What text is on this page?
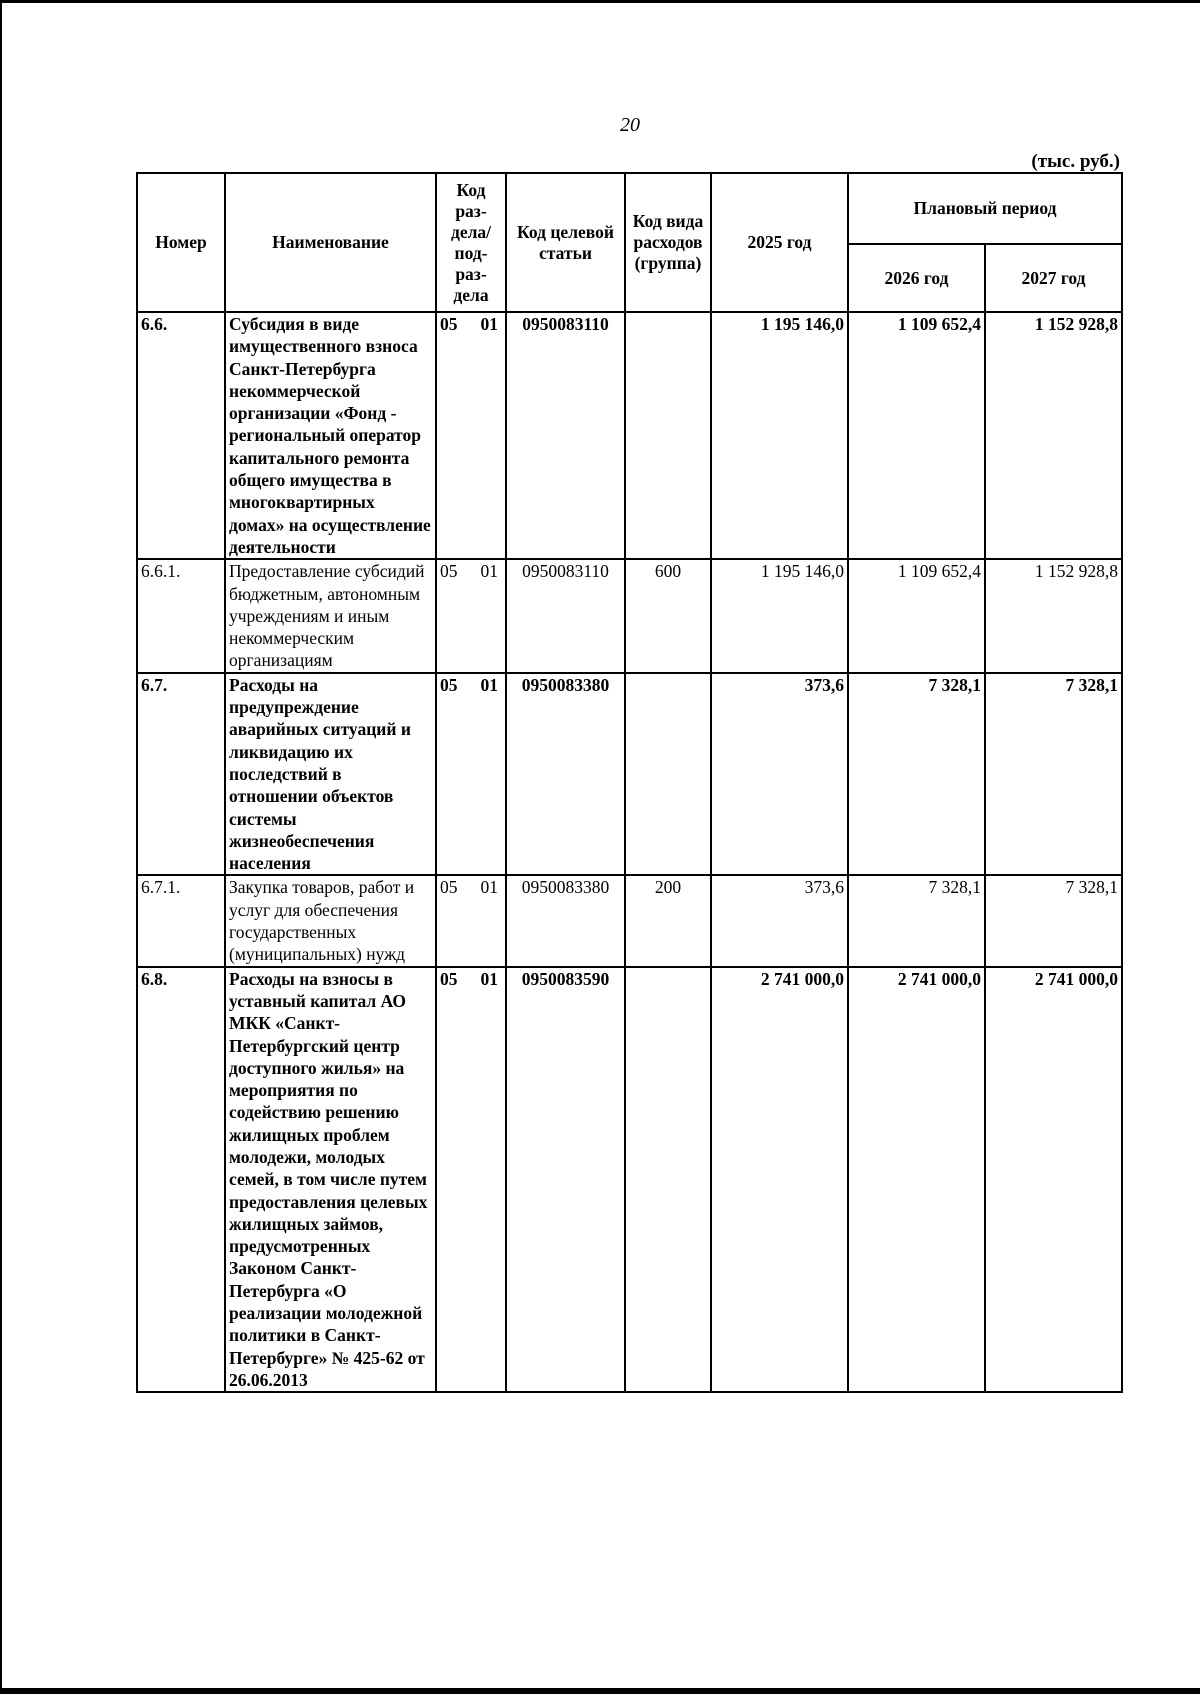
20
(тыс. руб.)
Номер	Наименование	Код раз-дела/ под-раз-дела	Код целевой статьи	Код вида расходов (группа)	2025 год	Плановый период	
						2026 год	2027 год
6.6.	Субсидия в виде имущественного взноса Санкт-Петербурга некоммерческой организации «Фонд - региональный оператор капитального ремонта общего имущества в многоквартирных домах» на осуществление деятельности	05 01	0950083110		1 195 146,0	1 109 652,4	1 152 928,8
6.6.1.	Предоставление субсидий бюджетным, автономным учреждениям и иным некоммерческим организациям	05 01	0950083110	600	1 195 146,0	1 109 652,4	1 152 928,8
6.7.	Расходы на предупреждение аварийных ситуаций и ликвидацию их последствий в отношении объектов системы жизнеобеспечения населения	05 01	0950083380		373,6	7 328,1	7 328,1
6.7.1.	Закупка товаров, работ и услуг для обеспечения государственных (муниципальных) нужд	05 01	0950083380	200	373,6	7 328,1	7 328,1
6.8.	Расходы на взносы в уставный капитал АО МКК «Санкт-Петербургский центр доступного жилья» на мероприятия по содействию решению жилищных проблем молодежи, молодых семей, в том числе путем предоставления целевых жилищных займов, предусмотренных Законом Санкт-Петербурга «О реализации молодежной политики в Санкт-Петербурге» № 425-62 от 26.06.2013	05 01	0950083590		2 741 000,0	2 741 000,0	2 741 000,0
